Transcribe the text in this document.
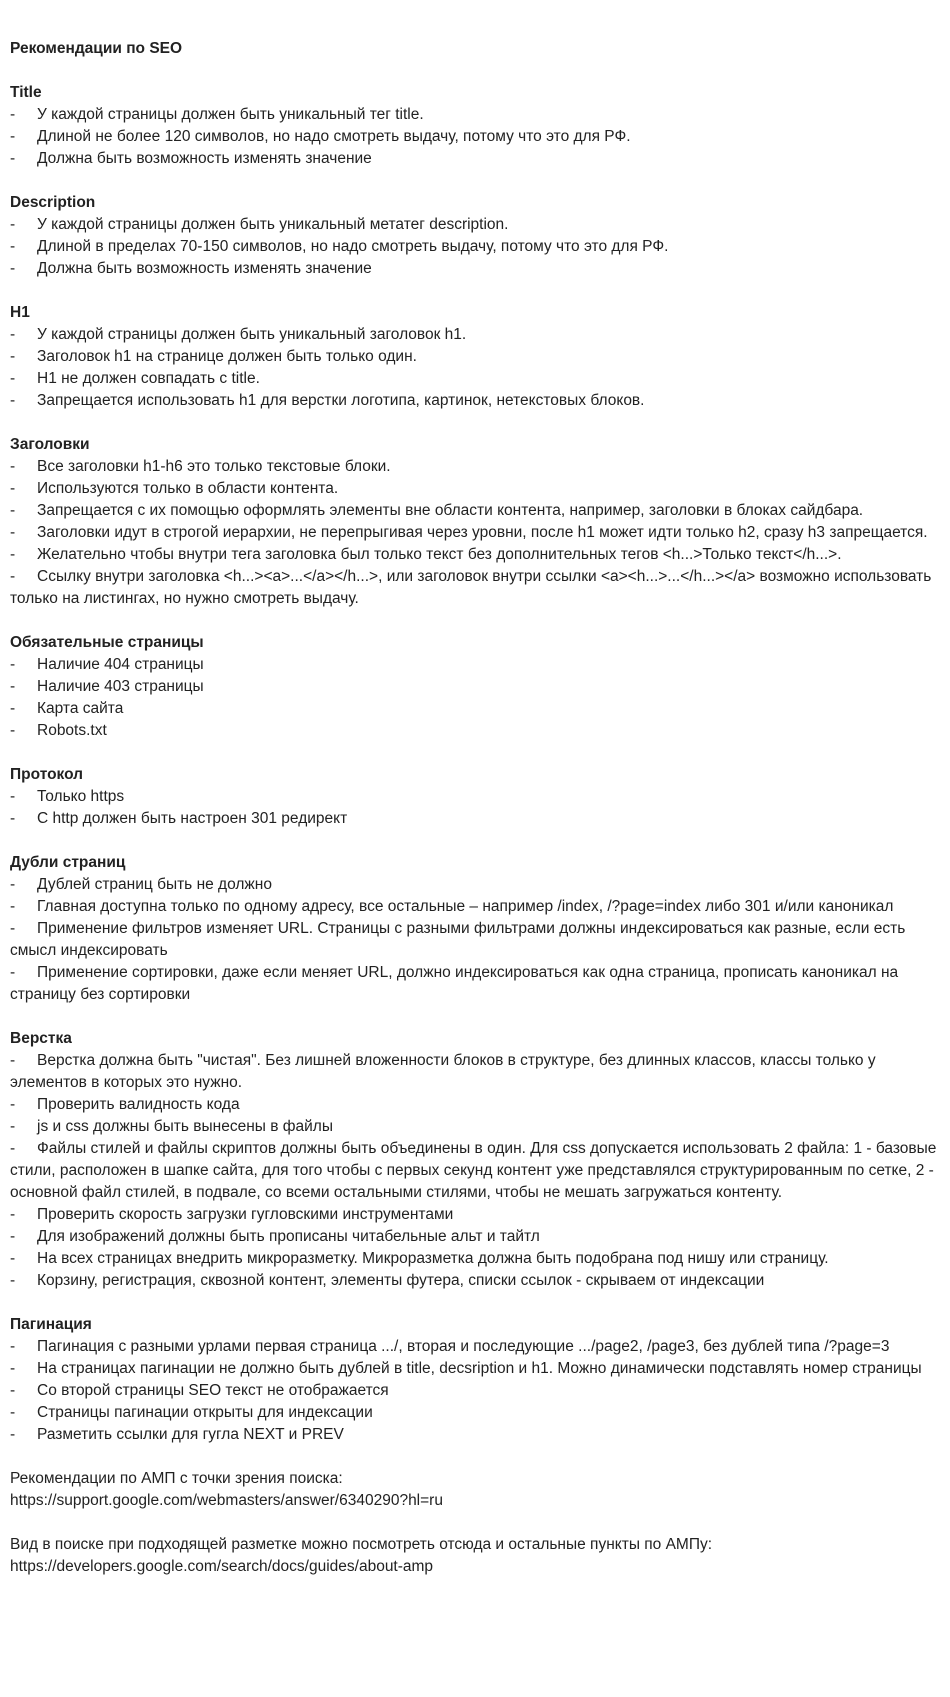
Рекомендации по SEO
Title
-	У каждой страницы должен быть уникальный тег title.
-	Длиной не более 120 символов, но надо смотреть выдачу, потому что это для РФ.
-	Должна быть возможность изменять значение
Description
-	У каждой страницы должен быть уникальный метатег description.
-	Длиной в пределах 70-150 символов, но надо смотреть выдачу, потому что это для РФ.
-	Должна быть возможность изменять значение
H1
-	У каждой страницы должен быть уникальный заголовок h1.
-	Заголовок h1 на странице должен быть только один.
-	H1 не должен совпадать с title.
-	Запрещается использовать h1 для верстки логотипа, картинок, нетекстовых блоков.
Заголовки
-	Все заголовки h1-h6 это только текстовые блоки.
-	Используются только в области контента.
-	Запрещается с их помощью оформлять элементы вне области контента, например, заголовки в блоках сайдбара.
- Заголовки идут в строгой иерархии, не перепрыгивая через уровни, после h1 может идти только h2, сразу h3 запрещается.
-	Желательно чтобы внутри тега заголовка был только текст без дополнительных тегов <h...>Только текст</h...>.
- Ссылку внутри заголовка <h...><a>...</a></h...>, или заголовок внутри ссылки <a><h...>...</h...></a> возможно использовать только на листингах, но нужно смотреть выдачу.
Обязательные страницы
-	Наличие 404 страницы
-	Наличие 403 страницы
-	Карта сайта
-	Robots.txt
Протокол
-	Только https
-	С http должен быть настроен 301 редирект
Дубли страниц
-	Дублей страниц быть не должно
-	Главная доступна только по одному адресу, все остальные – например /index, /?page=index либо 301 и/или каноникал
- Применение фильтров изменяет URL. Страницы с разными фильтрами должны индексироваться как разные, если есть смысл индексировать
- Применение сортировки, даже если меняет URL, должно индексироваться как одна страница, прописать каноникал на страницу без сортировки
Верстка
- Верстка должна быть "чистая". Без лишней вложенности блоков в структуре, без длинных классов, классы только у элементов в которых это нужно.
-	Проверить валидность кода
-	js и css должны быть вынесены в файлы
- Файлы стилей и файлы скриптов должны быть объединены в один. Для css допускается использовать 2 файла: 1 - базовые стили, расположен в шапке сайта, для того чтобы с первых секунд контент уже представлялся структурированным по сетке, 2 - основной файл стилей, в подвале, со всеми остальными стилями, чтобы не мешать загружаться контенту.
-	Проверить скорость загрузки гугловскими инструментами
-	Для изображений должны быть прописаны читабельные альт и тайтл
-	На всех страницах внедрить микроразметку. Микроразметка должна быть подобрана под нишу или страницу.
-	Корзину, регистрация, сквозной контент, элементы футера, списки ссылок - скрываем от индексации
Пагинация
-	Пагинация с разными урлами первая страница .../, вторая и последующие .../page2, /page3, без дублей типа /?page=3
- На страницах пагинации не должно быть дублей в title, decsription и h1. Можно динамически подставлять номер страницы
-	Со второй страницы SEO текст не отображается
-	Страницы пагинации открыты для индексации
-	Разметить ссылки для гугла NEXT и PREV

Рекомендации по АМП с точки зрения поиска:

https://support.google.com/webmasters/answer/6340290?hl=ru

Вид в поиске при подходящей разметке можно посмотреть отсюда и остальные пункты по АМПу:

https://developers.google.com/search/docs/guides/about-amp
